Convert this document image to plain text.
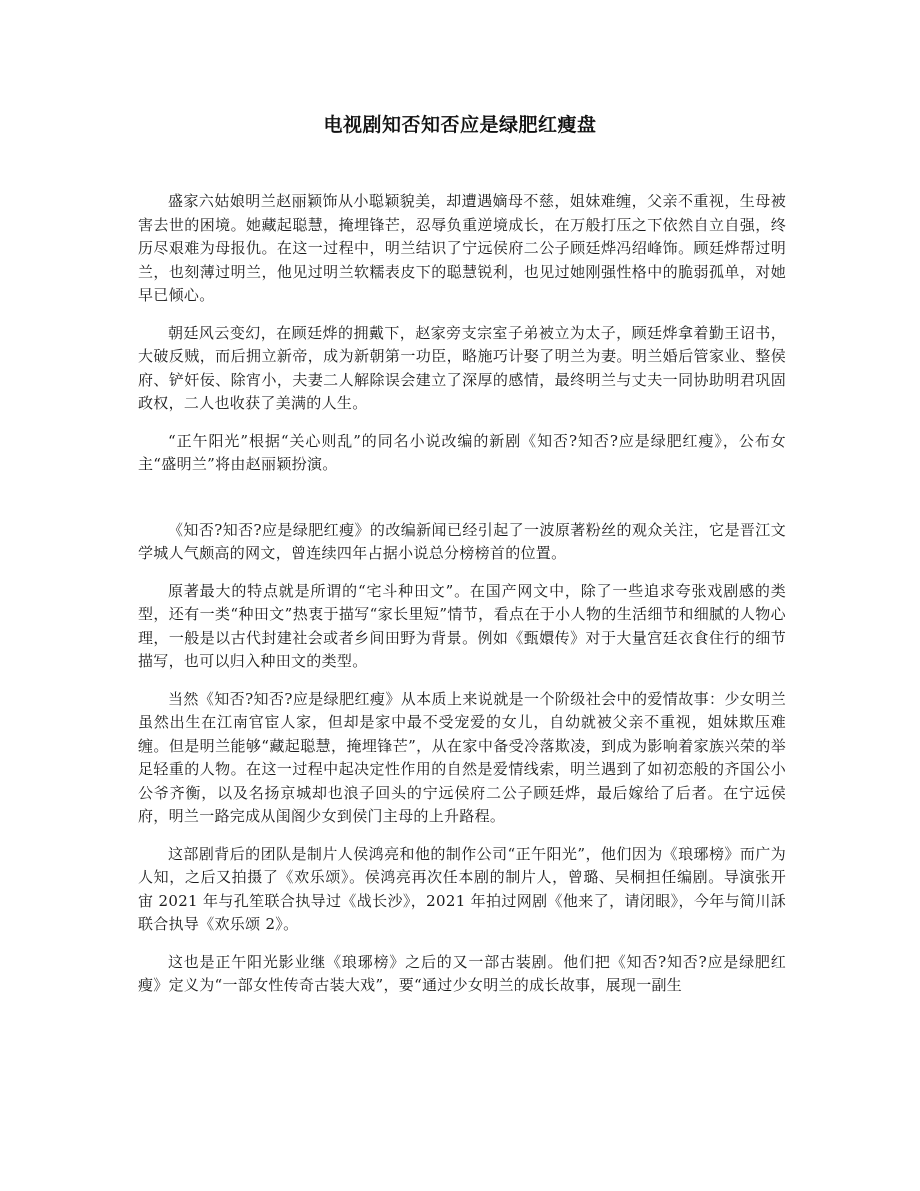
电视剧知否知否应是绿肥红瘦盘

盛家六姑娘明兰赵丽颖饰从小聪颖貌美，却遭遇嫡母不慈，姐妹难缠，父亲不重视，生母被害去世的困境。她藏起聪慧，掩埋锋芒，忍辱负重逆境成长，在万般打压之下依然自立自强，终历尽艰难为母报仇。在这一过程中，明兰结识了宁远侯府二公子顾廷烨冯绍峰饰。顾廷烨帮过明兰，也刻薄过明兰，他见过明兰软糯表皮下的聪慧锐利，也见过她刚强性格中的脆弱孤单，对她早已倾心。

朝廷风云变幻，在顾廷烨的拥戴下，赵家旁支宗室子弟被立为太子，顾廷烨拿着勤王诏书，大破反贼，而后拥立新帝，成为新朝第一功臣，略施巧计娶了明兰为妻。明兰婚后管家业、整侯府、铲奸佞、除宵小，夫妻二人解除误会建立了深厚的感情，最终明兰与丈夫一同协助明君巩固政权，二人也收获了美满的人生。

“正午阳光”根据“关心则乱”的同名小说改编的新剧《知否?知否?应是绿肥红瘦》，公布女主“盛明兰”将由赵丽颖扮演。

《知否?知否?应是绿肥红瘦》的改编新闻已经引起了一波原著粉丝的观众关注，它是晋江文学城人气颇高的网文，曾连续四年占据小说总分榜榜首的位置。

原著最大的特点就是所谓的“宅斗种田文”。在国产网文中，除了一些追求夸张戏剧感的类型，还有一类“种田文”热衷于描写“家长里短”情节，看点在于小人物的生活细节和细腻的人物心理，一般是以古代封建社会或者乡间田野为背景。例如《甄嬛传》对于大量宫廷衣食住行的细节描写，也可以归入种田文的类型。

当然《知否?知否?应是绿肥红瘦》从本质上来说就是一个阶级社会中的爱情故事：少女明兰虽然出生在江南官宦人家，但却是家中最不受宠爱的女儿，自幼就被父亲不重视，姐妹欺压难缠。但是明兰能够“藏起聪慧，掩埋锋芒”，从在家中备受冷落欺凌，到成为影响着家族兴荣的举足轻重的人物。在这一过程中起决定性作用的自然是爱情线索，明兰遇到了如初恋般的齐国公小公爷齐衡，以及名扬京城却也浪子回头的宁远侯府二公子顾廷烨，最后嫁给了后者。在宁远侯府，明兰一路完成从闺阁少女到侯门主母的上升路程。

这部剧背后的团队是制片人侯鸿亮和他的制作公司“正午阳光”，他们因为《琅琊榜》而广为人知，之后又拍摄了《欢乐颂》。侯鸿亮再次任本剧的制片人，曾璐、吴桐担任编剧。导演张开宙 2021 年与孔笙联合执导过《战长沙》，2021 年拍过网剧《他来了，请闭眼》，今年与简川訸联合执导《欢乐颂 2》。

这也是正午阳光影业继《琅琊榜》之后的又一部古装剧。他们把《知否?知否?应是绿肥红瘦》定义为“一部女性传奇古装大戏”，要“通过少女明兰的成长故事，展现一副生
